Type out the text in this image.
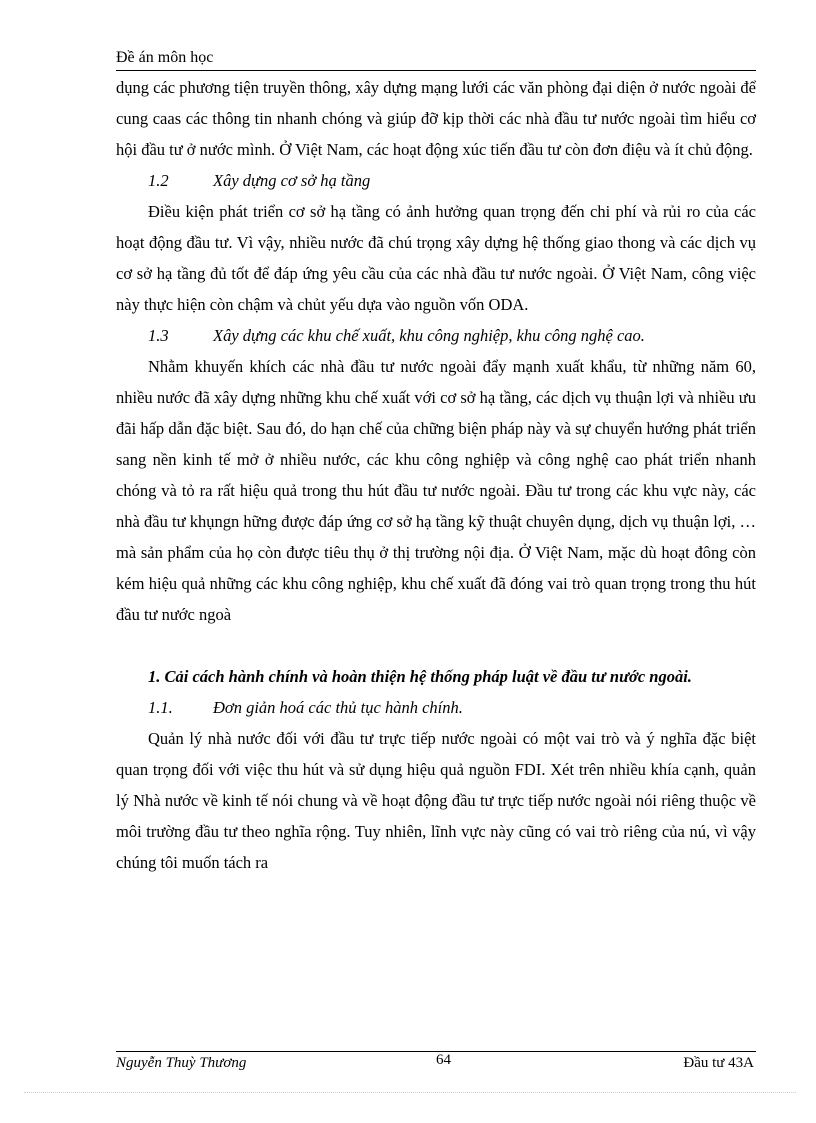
Đề án môn học

dụng các phương tiện truyền thông, xây dựng mạng lưới các văn phòng đại diện ở nước ngoài để cung caas các thông tin nhanh chóng và giúp đỡ kịp thời các nhà đầu tư nước ngoài tìm hiểu cơ hội đầu tư ở nước mình. Ở Việt Nam, các hoạt động xúc tiến đầu tư còn đơn điệu và ít chủ động.

1.2	Xây dựng cơ sở hạ tầng

Điều kiện phát triển cơ sở hạ tầng có ảnh hưởng quan trọng đến chi phí và rủi ro của các hoạt động đầu tư. Vì vậy, nhiều nước đã chú trọng xây dựng hệ thống giao thong và các dịch vụ cơ sở hạ tầng đủ tốt để đáp ứng yêu cầu của các nhà đầu tư nước ngoài. Ở Việt Nam, công việc này thực hiện còn chậm và chủt yếu dựa vào nguồn vốn ODA.

1.3	Xây dựng các khu chế xuất, khu công nghiệp, khu công nghệ cao.

Nhằm khuyến khích các nhà đầu tư nước ngoài đẩy mạnh xuất khẩu, từ những năm 60, nhiều nước đã xây dựng những khu chế xuất với cơ sở hạ tầng, các dịch vụ thuận lợi và nhiều ưu đãi hấp dẫn đặc biệt. Sau đó, do hạn chế của chững biện pháp này và sự chuyển hướng phát triển sang nền kinh tế mở ở nhiều nước, các khu công nghiệp và công nghệ cao phát triển nhanh chóng và tỏ ra rất hiệu quả trong thu hút đầu tư nước ngoài. Đầu tư trong các khu vực này, các nhà đầu tư khụngn hững được đáp ứng cơ sở hạ tầng kỹ thuật chuyên dụng, dịch vụ thuận lợi, … mà sản phẩm của họ còn được tiêu thụ ở thị trường nội địa. Ở Việt Nam, mặc dù hoạt đông còn kém hiệu quả những các khu công nghiệp, khu chế xuất đã đóng vai trò quan trọng trong thu hút đầu tư nước ngoà

1. Cải cách hành chính và hoàn thiện hệ thống pháp luật về đầu tư nước ngoài.

1.1. Đơn giản hoá các thủ tục hành chính.

Quản lý nhà nước đối với đầu tư trực tiếp nước ngoài có một vai trò và ý nghĩa đặc biệt quan trọng đối với việc thu hút và sử dụng hiệu quả nguồn FDI. Xét trên nhiều khía cạnh, quản lý Nhà nước về kinh tế nói chung và về hoạt động đầu tư trực tiếp nước ngoài nói riêng thuộc về môi trường đầu tư theo nghĩa rộng. Tuy nhiên, lĩnh vực này cũng có vai trò riêng của nú, vì vậy chúng tôi muốn tách ra

Nguyễn Thuỳ Thương	64	Đầu tư 43A
